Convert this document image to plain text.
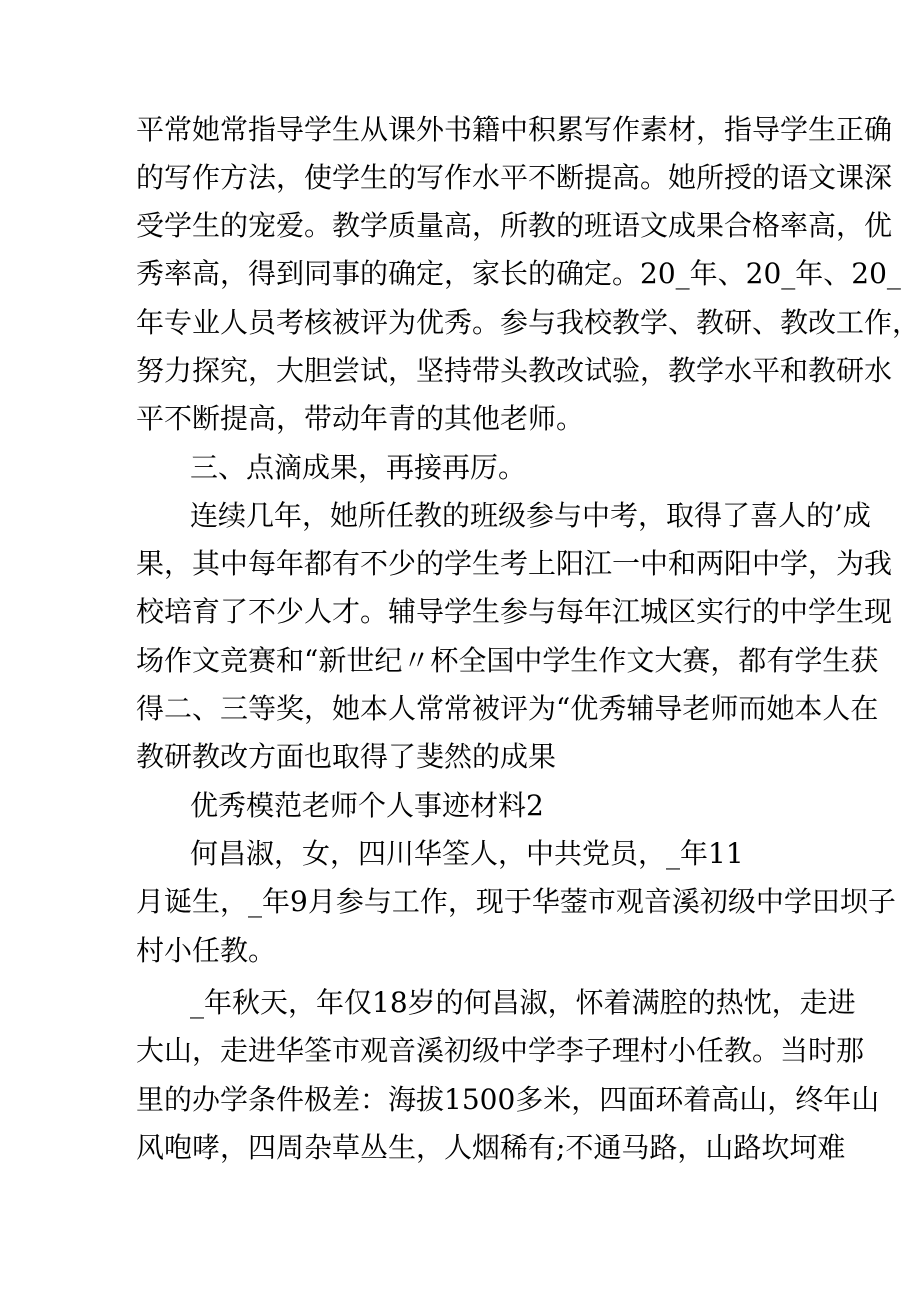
平常她常指导学生从课外书籍中积累写作素材，指导学生正确
的写作方法，使学生的写作水平不断提高。她所授的语文课深
受学生的宠爱。教学质量高，所教的班语文成果合格率高，优
秀率高，得到同事的确定，家长的确定。20_年、20_年、20_
年专业人员考核被评为优秀。参与我校教学、教研、教改工作，
努力探究，大胆尝试，坚持带头教改试验，教学水平和教研水
平不断提高，带动年青的其他老师。
三、点滴成果，再接再厉。
连续几年，她所任教的班级参与中考，取得了喜人的’成
果，其中每年都有不少的学生考上阳江一中和两阳中学，为我
校培育了不少人才。辅导学生参与每年江城区实行的中学生现
场作文竞赛和“新世纪〃杯全国中学生作文大赛，都有学生获
得二、三等奖，她本人常常被评为“优秀辅导老师而她本人在
教研教改方面也取得了斐然的成果
优秀模范老师个人事迹材料2
何昌淑，女，四川华筌人，中共党员，_年11
月诞生，_年9月参与工作，现于华蓥市观音溪初级中学田坝子
村小任教。
_年秋天，年仅18岁的何昌淑，怀着满腔的热忱，走进
大山，走进华筌市观音溪初级中学李子理村小任教。当时那
里的办学条件极差：海拔1500多米，四面环着高山，终年山
风咆哮，四周杂草丛生，人烟稀有;不通马路，山路坎坷难
